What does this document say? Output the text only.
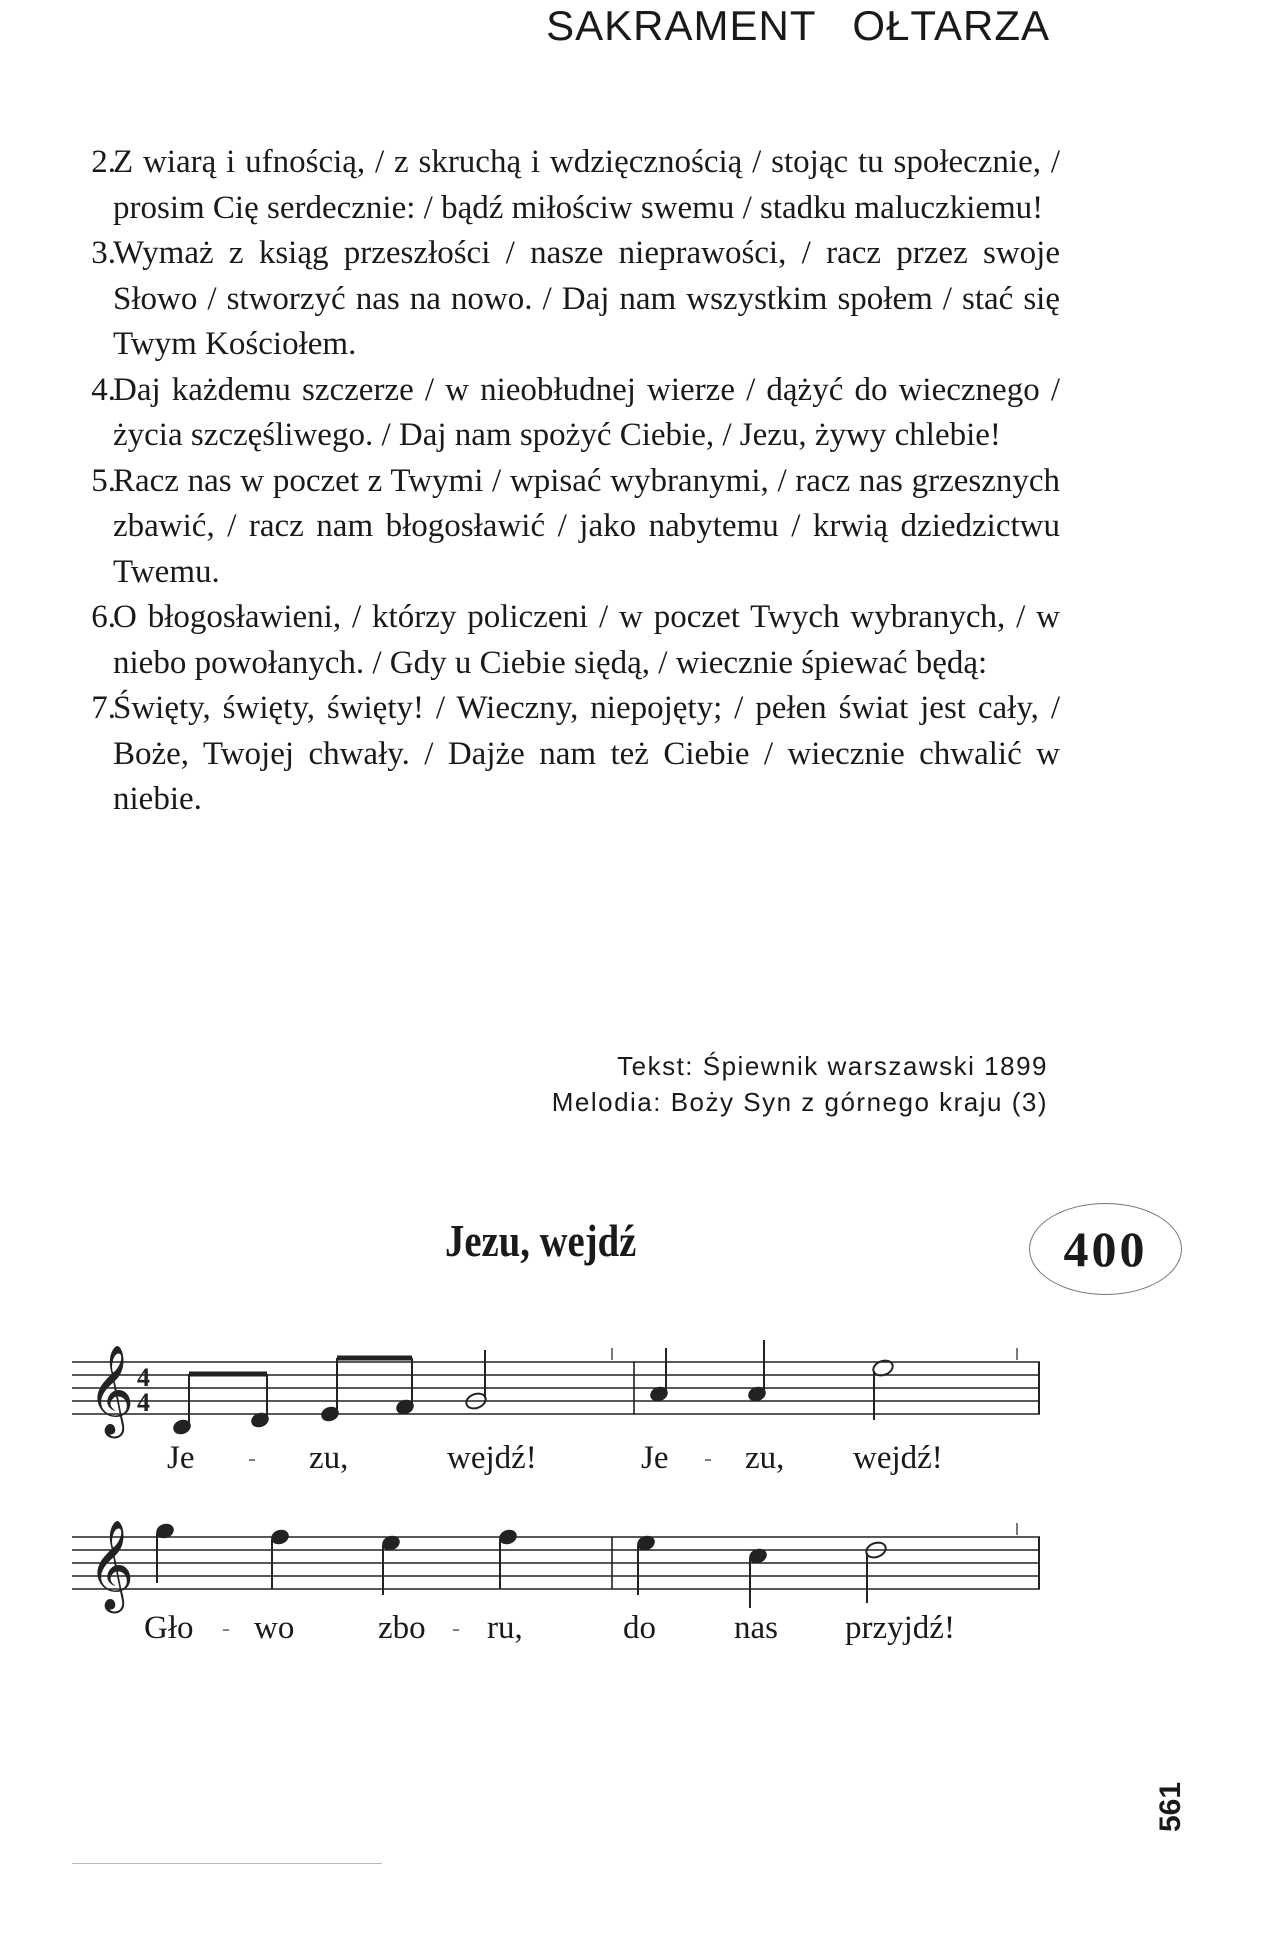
SAKRAMENT OŁTARZA
2.
Z wiarą i ufnością, / z skruchą i wdzięcznością / stojąc tu społecznie, / prosim Cię serdecznie: / bądź miłościw swemu / stadku maluczkiemu!
3.
Wymaż z ksiąg przeszłości / nasze nieprawości, / racz przez swoje Słowo / stworzyć nas na nowo. / Daj nam wszystkim społem / stać się Twym Kościołem.
4.
Daj każdemu szczerze / w nieobłudnej wierze / dążyć do wiecznego / życia szczęśliwego. / Daj nam spożyć Ciebie, / Jezu, żywy chlebie!
5.
Racz nas w poczet z Twymi / wpisać wybranymi, / racz nas grzesznych zbawić, / racz nam błogosławić / jako nabytemu / krwią dziedzictwu Twemu.
6.
O błogosławieni, / którzy policzeni / w poczet Twych wybranych, / w niebo powołanych. / Gdy u Ciebie siędą, / wiecznie śpiewać będą:
7.
Święty, święty, święty! / Wieczny, niepojęty; / pełen świat jest cały, / Boże, Twojej chwały. / Dajże nam też Ciebie / wiecznie chwalić w niebie.
Tekst: Śpiewnik warszawski 1899
Melodia: Boży Syn z górnego kraju (3)
Jezu, wejdź	400
𝄞 4
4
Je - zu,	wejdź!	Je - zu, wejdź!
𝄞
Gło - wo	zbo - ru,	do nas przyjdź!
561
